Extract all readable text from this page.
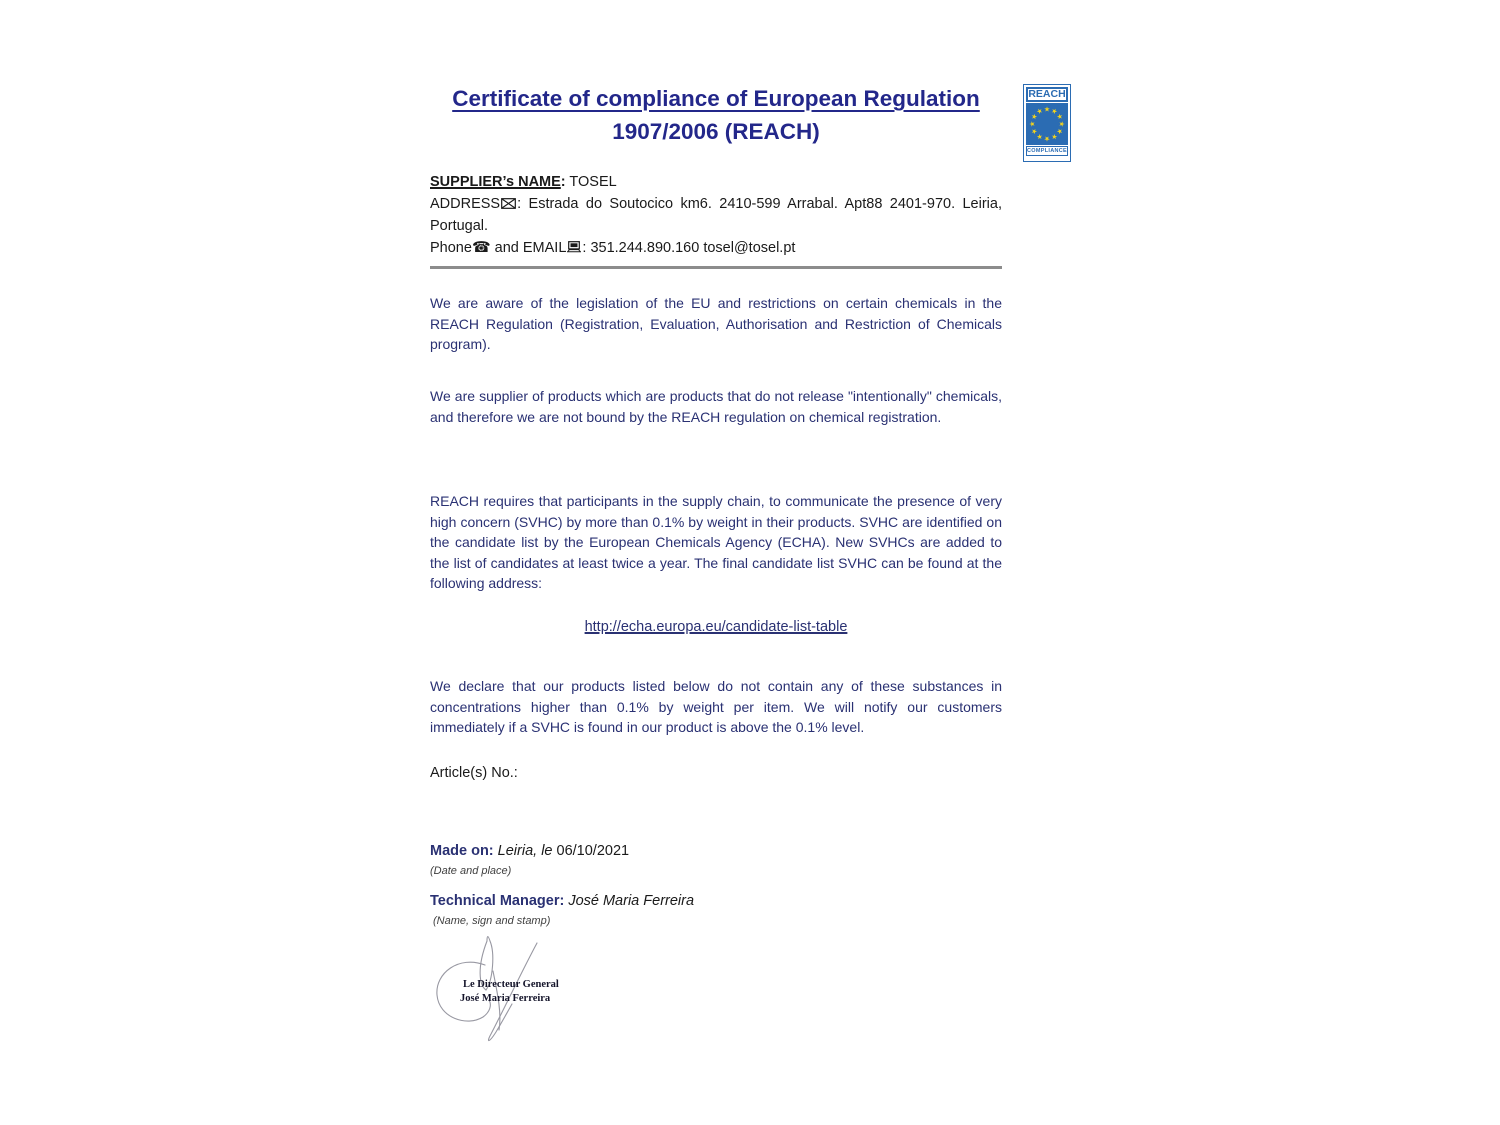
Certificate of compliance of European Regulation
1907/2006 (REACH)
REACH
★ ★
★
★
★
★
★
★
★
★
★
★
COMPLIANCE
SUPPLIER’s NAME: TOSEL
ADDRESS : Estrada do Soutocico km6. 2410-599 Arrabal. Apt88 2401-970. Leiria, Portugal.
Phone☎ and EMAIL : 351.244.890.160 tosel@tosel.pt

We are aware of the legislation of the EU and restrictions on certain chemicals in the REACH Regulation (Registration, Evaluation, Authorisation and Restriction of Chemicals program).

We are supplier of products which are products that do not release "intentionally" chemicals, and therefore we are not bound by the REACH regulation on chemical registration.

REACH requires that participants in the supply chain, to communicate the presence of very high concern (SVHC) by more than 0.1% by weight in their products. SVHC are identified on the candidate list by the European Chemicals Agency (ECHA). New SVHCs are added to the list of candidates at least twice a year. The final candidate list SVHC can be found at the following address:

http://echa.europa.eu/candidate-list-table

We declare that our products listed below do not contain any of these substances in concentrations higher than 0.1% by weight per item. We will notify our customers immediately if a SVHC is found in our product is above the 0.1% level.

Article(s) No.:
Made on: Leiria, le 06/10/2021
(Date and place)
Technical Manager: José Maria Ferreira
(Name, sign and stamp)
Le Directeur General
José Maria Ferreira
